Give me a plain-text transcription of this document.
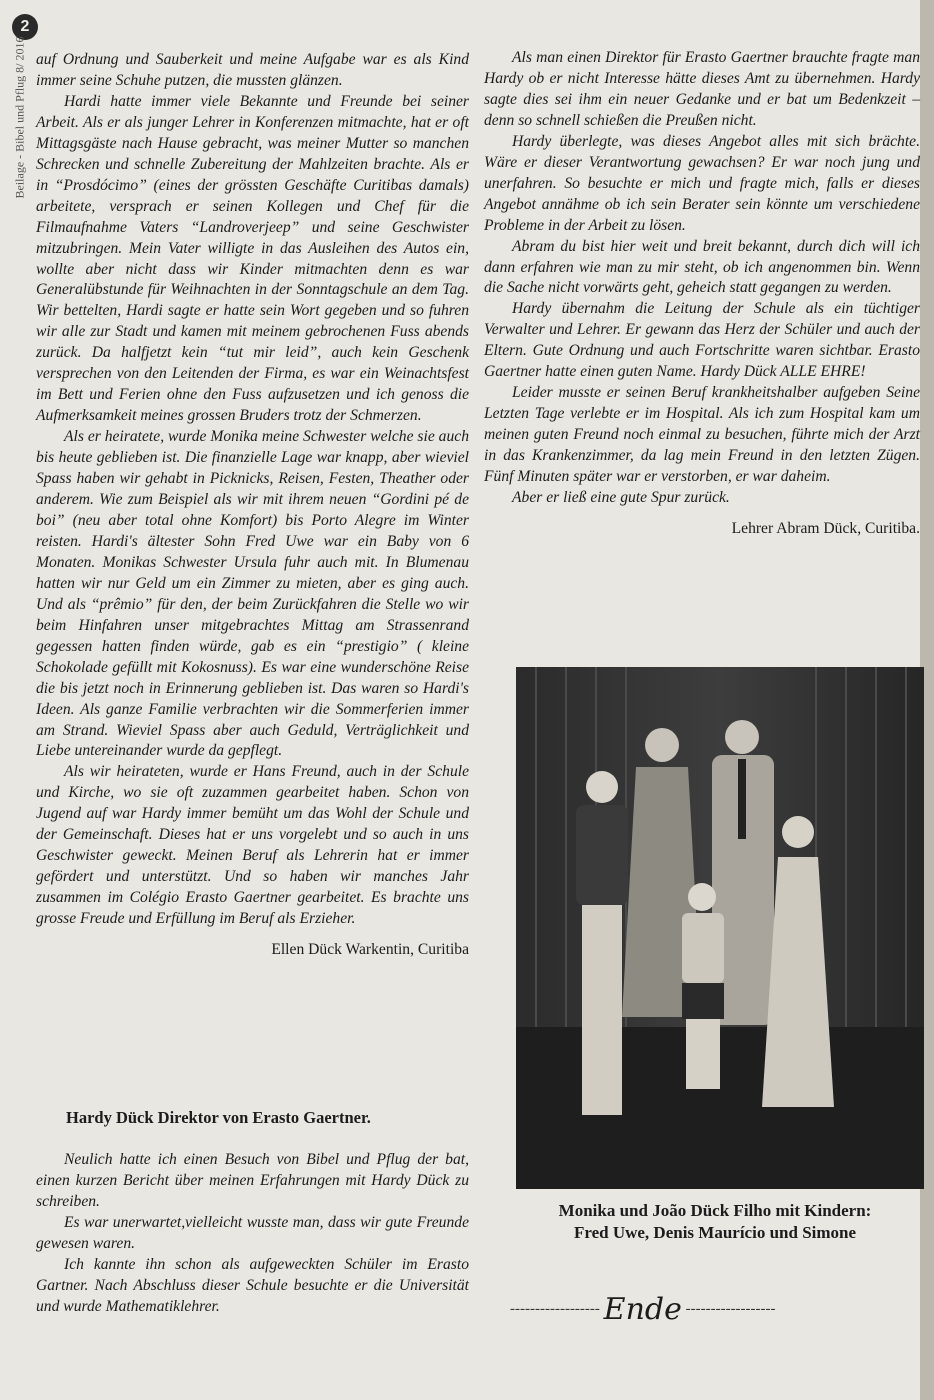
2
Beilage - Bibel und Pflug 8/ 2016 auf Ordnung und Sauberkeit und meine Aufgabe war es als Kind immer seine Schuhe putzen, die mussten glänzen.

Hardi hatte immer viele Bekannte und Freunde bei seiner Arbeit. Als er als junger Lehrer in Konferenzen mitmachte, hat er oft Mittagsgäste nach Hause gebracht, was meiner Mutter so manchen Schrecken und schnelle Zubereitung der Mahlzeiten brachte. Als er in “Prosdócimo” (eines der grössten Geschäfte Curitibas damals) arbeitete, versprach er seinen Kollegen und Chef für die Filmaufnahme Vaters “Landroverjeep” und seine Geschwister mitzubringen. Mein Vater willigte in das Ausleihen des Autos ein, wollte aber nicht dass wir Kinder mitmachten denn es war Generalübstunde für Weihnachten in der Sonntagschule an dem Tag. Wir bettelten, Hardi sagte er hatte sein Wort gegeben und so fuhren wir alle zur Stadt und kamen mit meinem gebrochenen Fuss abends zurück. Da halfjetzt kein “tut mir leid”, auch kein Geschenk versprechen von den Leitenden der Firma, es war ein Weinachtsfest im Bett und Ferien ohne den Fuss aufzusetzen und ich genoss die Aufmerksamkeit meines grossen Bruders trotz der Schmerzen.

Als er heiratete, wurde Monika meine Schwester welche sie auch bis heute geblieben ist. Die finanzielle Lage war knapp, aber wieviel Spass haben wir gehabt in Picknicks, Reisen, Festen, Theather oder anderem. Wie zum Beispiel als wir mit ihrem neuen “Gordini pé de boi” (neu aber total ohne Komfort) bis Porto Alegre im Winter reisten. Hardi's ältester Sohn Fred Uwe war ein Baby von 6 Monaten. Monikas Schwester Ursula fuhr auch mit. In Blumenau hatten wir nur Geld um ein Zimmer zu mieten, aber es ging auch. Und als “prêmio” für den, der beim Zurückfahren die Stelle wo wir beim Hinfahren unser mitgebrachtes Mittag am Strassenrand gegessen hatten finden würde, gab es ein “prestigio” ( kleine Schokolade gefüllt mit Kokosnuss). Es war eine wunderschöne Reise die bis jetzt noch in Erinnerung geblieben ist. Das waren so Hardi's Ideen. Als ganze Familie verbrachten wir die Sommerferien immer am Strand. Wieviel Spass aber auch Geduld, Verträglichkeit und Liebe untereinander wurde da gepflegt.

Als wir heirateten, wurde er Hans Freund, auch in der Schule und Kirche, wo sie oft zuzammen gearbeitet haben. Schon von Jugend auf war Hardy immer bemüht um das Wohl der Schule und der Gemeinschaft. Dieses hat er uns vorgelebt und so auch in uns Geschwister geweckt. Meinen Beruf als Lehrerin hat er immer gefördert und unterstützt. Und so haben wir manches Jahr zusammen im Colégio Erasto Gaertner gearbeitet. Es brachte uns grosse Freude und Erfüllung im Beruf als Erzieher.

Ellen Dück Warkentin, Curitiba
Hardy Dück Direktor von Erasto Gaertner.

Neulich hatte ich einen Besuch von Bibel und Pflug der bat, einen kurzen Bericht über meinen Erfahrungen mit Hardy Dück zu schreiben.

Es war unerwartet,vielleicht wusste man, dass wir gute Freunde gewesen waren.

Ich kannte ihn schon als aufgeweckten Schüler im Erasto Gartner. Nach Abschluss dieser Schule besuchte er die Universität und wurde Mathematiklehrer.

Als man einen Direktor für Erasto Gaertner brauchte fragte man Hardy ob er nicht Interesse hätte dieses Amt zu übernehmen. Hardy sagte dies sei ihm ein neuer Gedanke und er bat um Bedenkzeit – denn so schnell schießen die Preußen nicht.

Hardy überlegte, was dieses Angebot alles mit sich brächte. Wäre er dieser Verantwortung gewachsen? Er war noch jung und unerfahren. So besuchte er mich und fragte mich, falls er dieses Angebot annähme ob ich sein Berater sein könnte um verschiedene Probleme in der Arbeit zu lösen.

Abram du bist hier weit und breit bekannt, durch dich will ich dann erfahren wie man zu mir steht, ob ich angenommen bin. Wenn die Sache nicht vorwärts geht, geheich statt gegangen zu werden.

Hardy übernahm die Leitung der Schule als ein tüchtiger Verwalter und Lehrer. Er gewann das Herz der Schüler und auch der Eltern. Gute Ordnung und auch Fortschritte waren sichtbar. Erasto Gaertner hatte einen guten Name. Hardy Dück ALLE EHRE!

Leider musste er seinen Beruf krankheitshalber aufgeben Seine Letzten Tage verlebte er im Hospital. Als ich zum Hospital kam um meinen guten Freund noch einmal zu besuchen, führte mich der Arzt in das Krankenzimmer, da lag mein Freund in den letzten Zügen. Fünf Minuten später war er verstorben, er war daheim.

Aber er ließ eine gute Spur zurück.

Lehrer Abram Dück, Curitiba.
Monika und João Dück Filho mit Kindern:
Fred Uwe, Denis Maurício und Simone
------------------ Ende ------------------
